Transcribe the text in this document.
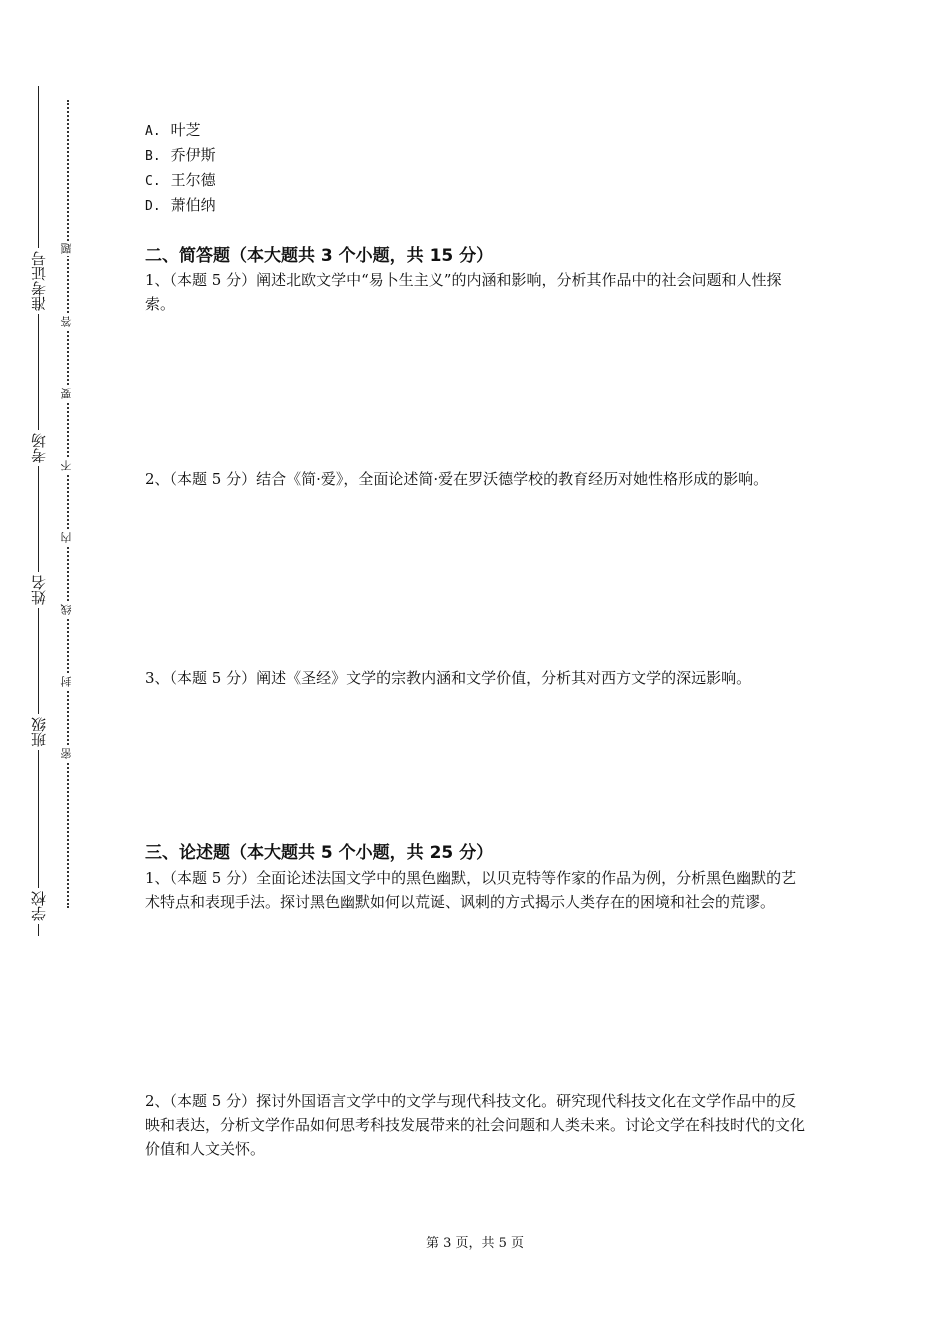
准考证号
考场
姓名
班级
学校
题
答
要
不
内
线
封
密
A. 叶芝
B. 乔伊斯
C. 王尔德
D. 萧伯纳
二、简答题（本大题共 3 个小题，共 15 分）
1、（本题 5 分）阐述北欧文学中“易卜生主义”的内涵和影响，分析其作品中的社会问题和人性探索。
2、（本题 5 分）结合《简·爱》，全面论述简·爱在罗沃德学校的教育经历对她性格形成的影响。
3、（本题 5 分）阐述《圣经》文学的宗教内涵和文学价值，分析其对西方文学的深远影响。
三、论述题（本大题共 5 个小题，共 25 分）
1、（本题 5 分）全面论述法国文学中的黑色幽默，以贝克特等作家的作品为例，分析黑色幽默的艺术特点和表现手法。探讨黑色幽默如何以荒诞、讽刺的方式揭示人类存在的困境和社会的荒谬。
2、（本题 5 分）探讨外国语言文学中的文学与现代科技文化。研究现代科技文化在文学作品中的反映和表达，分析文学作品如何思考科技发展带来的社会问题和人类未来。讨论文学在科技时代的文化价值和人文关怀。
第 3 页，共 5 页
